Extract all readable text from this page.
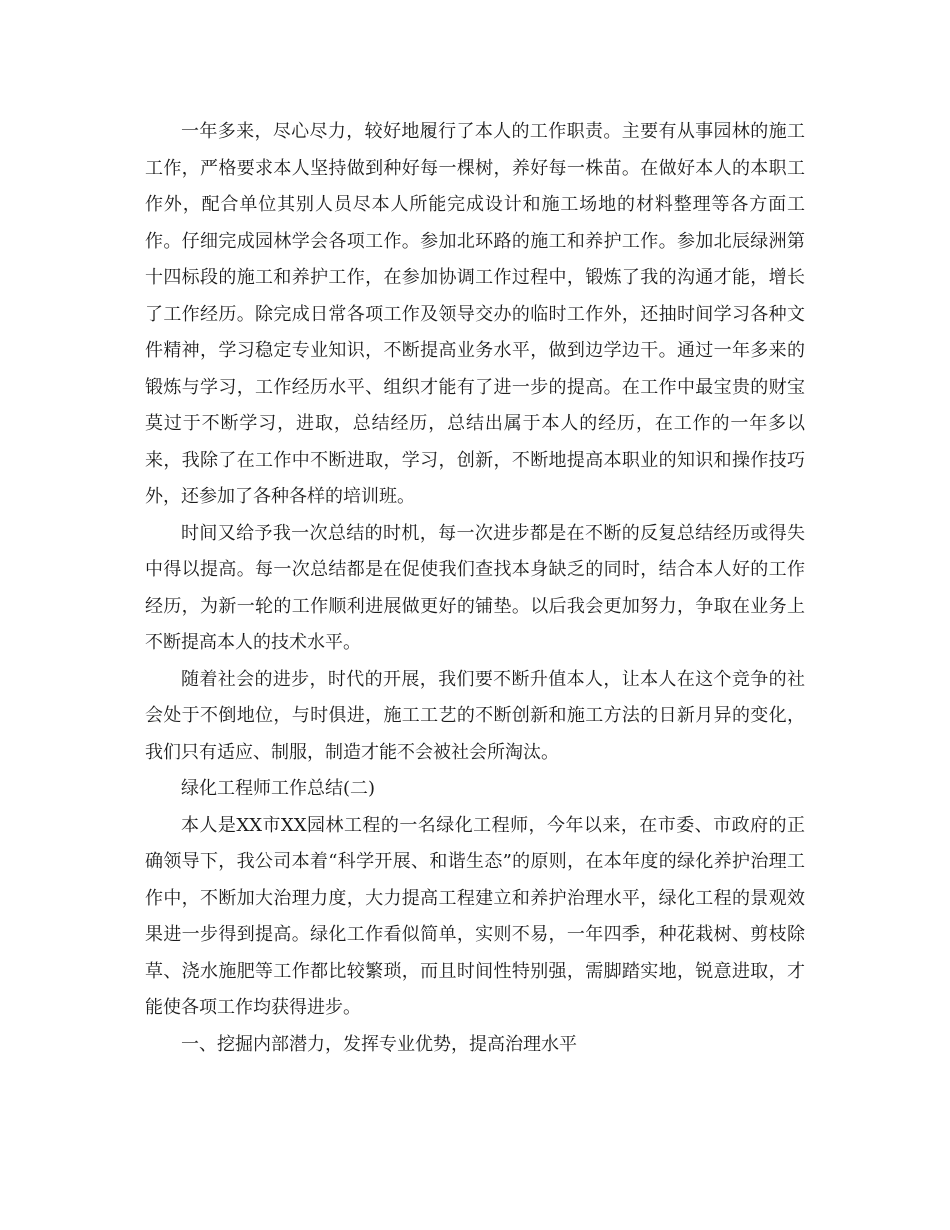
一年多来，尽心尽力，较好地履行了本人的工作职责。主要有从事园林的施工工作，严格要求本人坚持做到种好每一棵树，养好每一株苗。在做好本人的本职工作外，配合单位其别人员尽本人所能完成设计和施工场地的材料整理等各方面工作。仔细完成园林学会各项工作。参加北环路的施工和养护工作。参加北辰绿洲第十四标段的施工和养护工作，在参加协调工作过程中，锻炼了我的沟通才能，增长了工作经历。除完成日常各项工作及领导交办的临时工作外，还抽时间学习各种文件精神，学习稳定专业知识，不断提高业务水平，做到边学边干。通过一年多来的锻炼与学习，工作经历水平、组织才能有了进一步的提高。在工作中最宝贵的财宝莫过于不断学习，进取，总结经历，总结出属于本人的经历，在工作的一年多以来，我除了在工作中不断进取，学习，创新，不断地提高本职业的知识和操作技巧外，还参加了各种各样的培训班。

时间又给予我一次总结的时机，每一次进步都是在不断的反复总结经历或得失中得以提高。每一次总结都是在促使我们查找本身缺乏的同时，结合本人好的工作经历，为新一轮的工作顺利进展做更好的铺垫。以后我会更加努力，争取在业务上不断提高本人的技术水平。

随着社会的进步，时代的开展，我们要不断升值本人，让本人在这个竞争的社会处于不倒地位，与时俱进，施工工艺的不断创新和施工方法的日新月异的变化，我们只有适应、制服，制造才能不会被社会所淘汰。

绿化工程师工作总结(二)

本人是XX市XX园林工程的一名绿化工程师，今年以来，在市委、市政府的正确领导下，我公司本着“科学开展、和谐生态”的原则，在本年度的绿化养护治理工作中，不断加大治理力度，大力提高工程建立和养护治理水平，绿化工程的景观效果进一步得到提高。绿化工作看似简单，实则不易，一年四季，种花栽树、剪枝除草、浇水施肥等工作都比较繁琐，而且时间性特别强，需脚踏实地，锐意进取，才能使各项工作均获得进步。

一、挖掘内部潜力，发挥专业优势，提高治理水平
